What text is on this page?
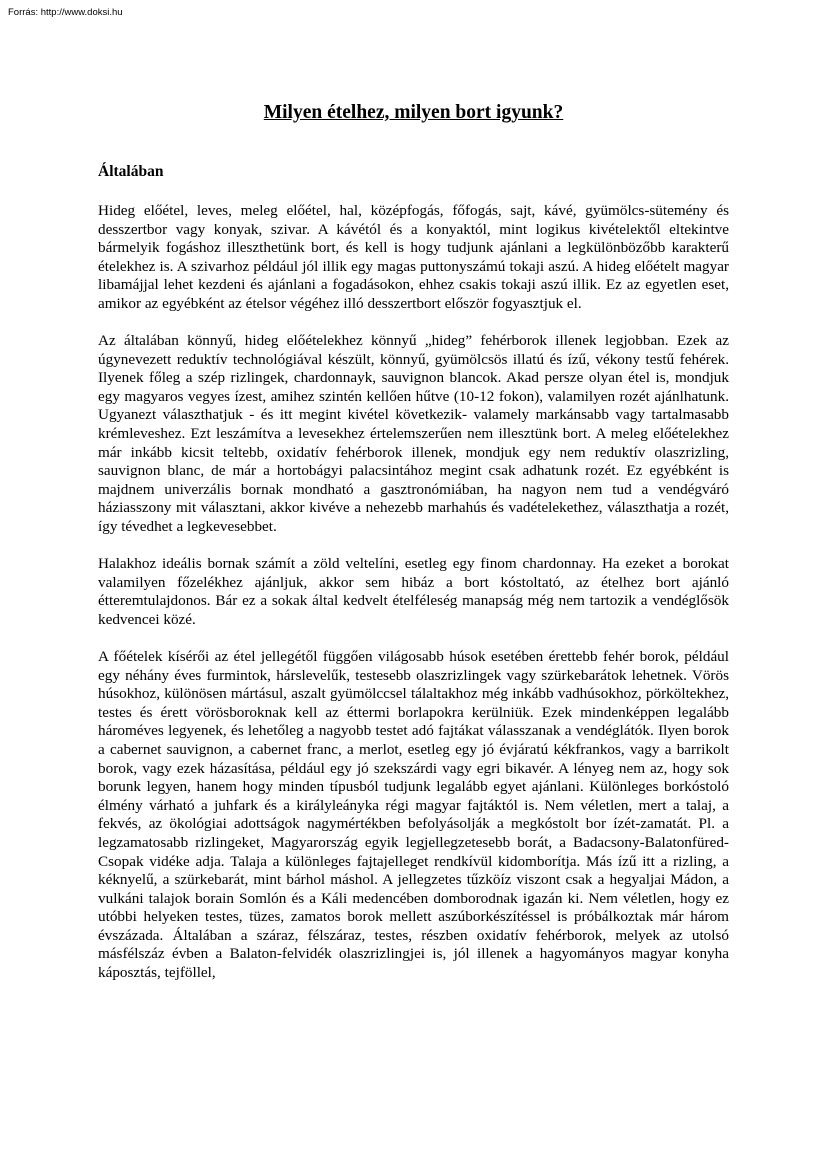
Forrás: http://www.doksi.hu
Milyen ételhez, milyen bort igyunk?
Általában

Hideg előétel, leves, meleg előétel, hal, középfogás, főfogás, sajt, kávé, gyümölcs-sütemény és desszertbor vagy konyak, szivar. A kávétól és a konyaktól, mint logikus kivételektől eltekintve bármelyik fogáshoz illeszthetünk bort, és kell is hogy tudjunk ajánlani a legkülönbözőbb karakterű ételekhez is. A szivarhoz például jól illik egy magas puttonyszámú tokaji aszú. A hideg előételt magyar libamájjal lehet kezdeni és ajánlani a fogadásokon, ehhez csakis tokaji aszú illik. Ez az egyetlen eset, amikor az egyébként az ételsor végéhez illó desszertbort először fogyasztjuk el.

Az általában könnyű, hideg előételekhez könnyű „hideg” fehérborok illenek legjobban. Ezek az úgynevezett reduktív technológiával készült, könnyű, gyümölcsös illatú és ízű, vékony testű fehérek. Ilyenek főleg a szép rizlingek, chardonnayk, sauvignon blancok. Akad persze olyan étel is, mondjuk egy magyaros vegyes ízest, amihez szintén kellően hűtve (10-12 fokon), valamilyen rozét ajánlhatunk. Ugyanezt választhatjuk - és itt megint kivétel következik- valamely markánsabb vagy tartalmasabb krémleveshez. Ezt leszámítva a levesekhez értelemszerűen nem illesztünk bort. A meleg előételekhez már inkább kicsit teltebb, oxidatív fehérborok illenek, mondjuk egy nem reduktív olaszrizling, sauvignon blanc, de már a hortobágyi palacsintához megint csak adhatunk rozét. Ez egyébként is majdnem univerzális bornak mondható a gasztronómiában, ha nagyon nem tud a vendégváró háziasszony mit választani, akkor kivéve a nehezebb marhahús és vadételekethez, választhatja a rozét, így tévedhet a legkevesebbet.

Halakhoz ideális bornak számít a zöld veltelíni, esetleg egy finom chardonnay. Ha ezeket a borokat valamilyen főzelékhez ajánljuk, akkor sem hibáz a bort kóstoltató, az ételhez bort ajánló étteremtulajdonos. Bár ez a sokak által kedvelt ételféleség manapság még nem tartozik a vendéglősök kedvencei közé.

A főételek kísérői az étel jellegétől függően világosabb húsok esetében érettebb fehér borok, például egy néhány éves furmintok, hárslevelűk, testesebb olaszrizlingek vagy szürkebarátok lehetnek. Vörös húsokhoz, különösen mártásul, aszalt gyümölccsel tálaltakhoz még inkább vadhúsokhoz, pörköltekhez, testes és érett vörösboroknak kell az éttermi borlapokra kerülniük. Ezek mindenképpen legalább hároméves legyenek, és lehetőleg a nagyobb testet adó fajtákat válasszanak a vendéglátók. Ilyen borok a cabernet sauvignon, a cabernet franc, a merlot, esetleg egy jó évjáratú kékfrankos, vagy a barrikolt borok, vagy ezek házasítása, például egy jó szekszárdi vagy egri bikavér. A lényeg nem az, hogy sok borunk legyen, hanem hogy minden típusból tudjunk legalább egyet ajánlani. Különleges borkóstoló élmény várható a juhfark és a királyleányka régi magyar fajtáktól is. Nem véletlen, mert a talaj, a fekvés, az ökológiai adottságok nagymértékben befolyásolják a megkóstolt bor ízét-zamatát. Pl. a legzamatosabb rizlingeket, Magyarország egyik legjellegzetesebb borát, a Badacsony-Balatonfüred-Csopak vidéke adja. Talaja a különleges fajtajelleget rendkívül kidomborítja. Más ízű itt a rizling, a kéknyelű, a szürkebarát, mint bárhol máshol. A jellegzetes tűzköíz viszont csak a hegyaljai Mádon, a vulkáni talajok borain Somlón és a Káli medencében domborodnak igazán ki. Nem véletlen, hogy ez utóbbi helyeken testes, tüzes, zamatos borok mellett aszúborkészítéssel is próbálkoztak már három évszázada. Általában a száraz, félszáraz, testes, részben oxidatív fehérborok, melyek az utolsó másfélszáz évben a Balaton-felvidék olaszrizlingjei is, jól illenek a hagyományos magyar konyha káposztás, tejföllel,
